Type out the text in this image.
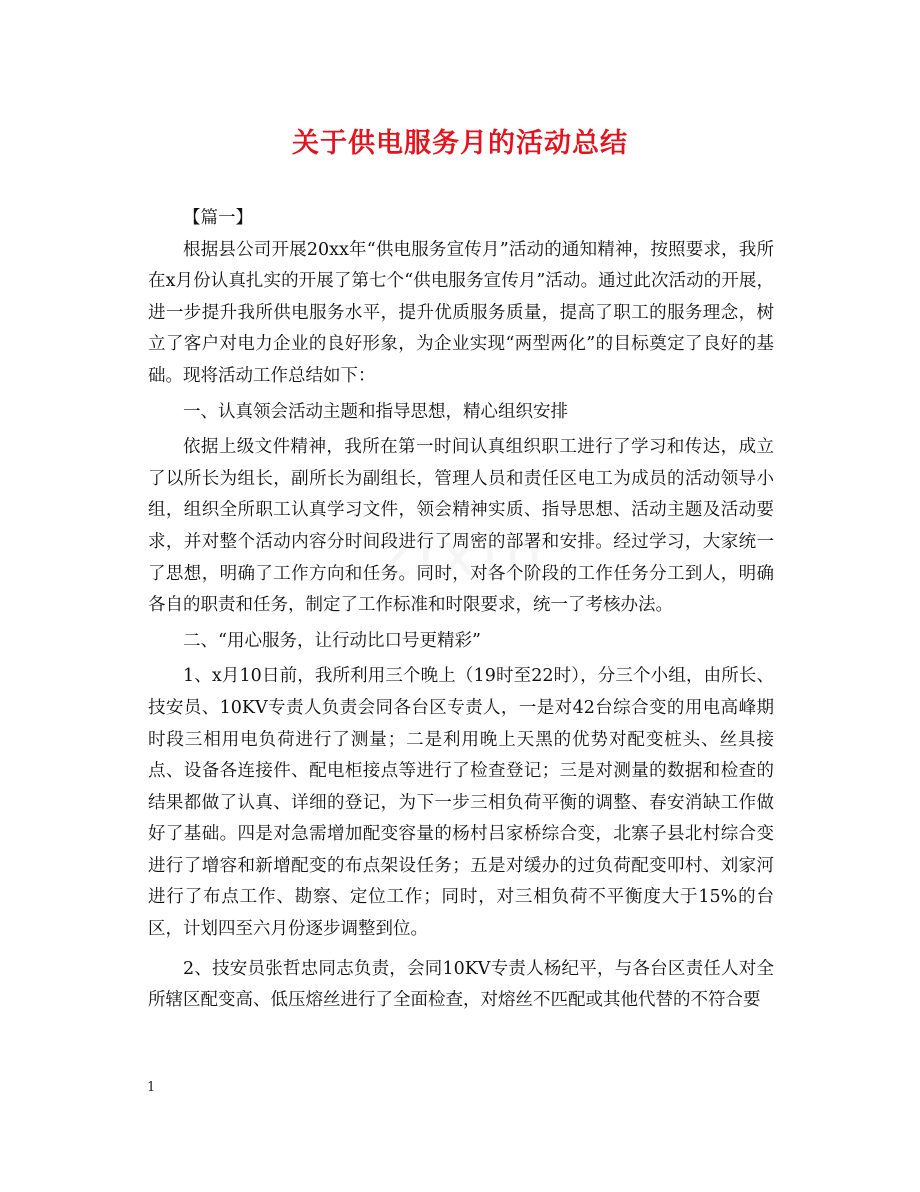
zixin
关于供电服务月的活动总结

【篇一】

根据县公司开展20xx年“供电服务宣传月”活动的通知精神，按照要求，我所在x月份认真扎实的开展了第七个“供电服务宣传月”活动。通过此次活动的开展，进一步提升我所供电服务水平，提升优质服务质量，提高了职工的服务理念，树立了客户对电力企业的良好形象，为企业实现“两型两化”的目标奠定了良好的基础。现将活动工作总结如下：

一、认真领会活动主题和指导思想，精心组织安排

依据上级文件精神，我所在第一时间认真组织职工进行了学习和传达，成立了以所长为组长，副所长为副组长，管理人员和责任区电工为成员的活动领导小组，组织全所职工认真学习文件，领会精神实质、指导思想、活动主题及活动要求，并对整个活动内容分时间段进行了周密的部署和安排。经过学习，大家统一了思想，明确了工作方向和任务。同时，对各个阶段的工作任务分工到人，明确各自的职责和任务，制定了工作标准和时限要求，统一了考核办法。

二、“用心服务，让行动比口号更精彩”

1、x月10日前，我所利用三个晚上（19时至22时），分三个小组，由所长、技安员、10KV专责人负责会同各台区专责人，一是对42台综合变的用电高峰期时段三相用电负荷进行了测量；二是利用晚上天黑的优势对配变桩头、丝具接点、设备各连接件、配电柜接点等进行了检查登记；三是对测量的数据和检查的结果都做了认真、详细的登记，为下一步三相负荷平衡的调整、春安消缺工作做好了基础。四是对急需增加配变容量的杨村吕家桥综合变，北寨子县北村综合变进行了增容和新增配变的布点架设任务；五是对缓办的过负荷配变叩村、刘家河进行了布点工作、勘察、定位工作；同时，对三相负荷不平衡度大于15%的台区，计划四至六月份逐步调整到位。

2、技安员张哲忠同志负责，会同10KV专责人杨纪平，与各台区责任人对全所辖区配变高、低压熔丝进行了全面检查，对熔丝不匹配或其他代替的不符合要

1
